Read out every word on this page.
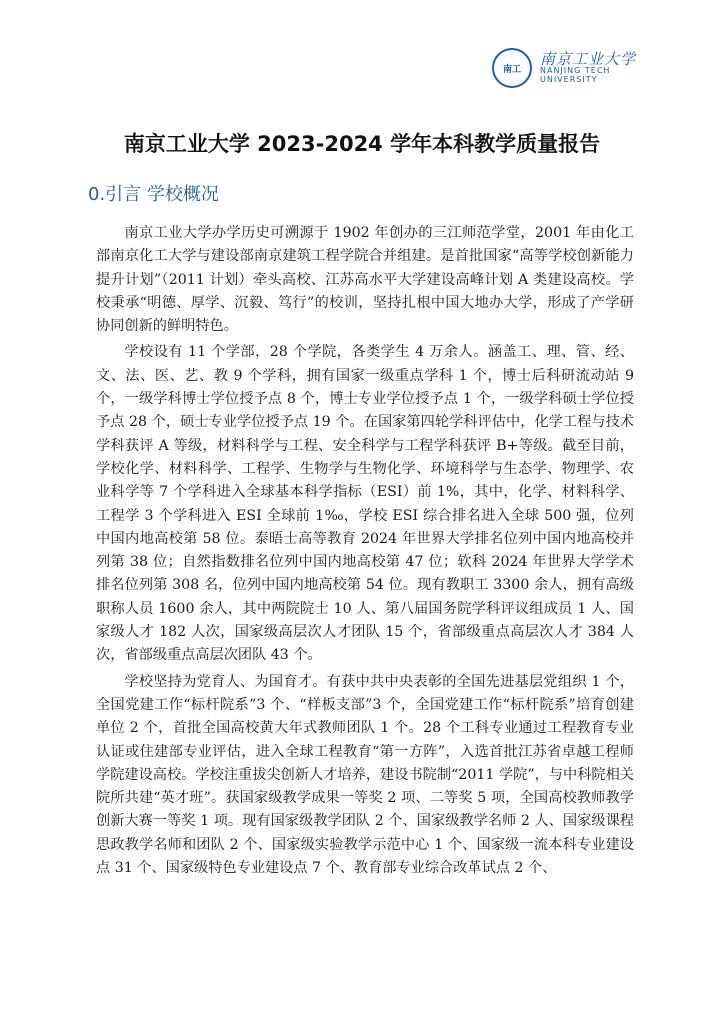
南工
南京工业大学
NANJING TECH
UNIVERSITY
南京工业大学 2023-2024 学年本科教学质量报告
0.引言 学校概况

南京工业大学办学历史可溯源于 1902 年创办的三江师范学堂，2001 年由化工部南京化工大学与建设部南京建筑工程学院合并组建。是首批国家“高等学校创新能力提升计划”（2011 计划）牵头高校、江苏高水平大学建设高峰计划 A 类建设高校。学校秉承“明德、厚学、沉毅、笃行”的校训，坚持扎根中国大地办大学，形成了产学研协同创新的鲜明特色。

学校设有 11 个学部，28 个学院，各类学生 4 万余人。涵盖工、理、管、经、文、法、医、艺、教 9 个学科，拥有国家一级重点学科 1 个，博士后科研流动站 9 个，一级学科博士学位授予点 8 个，博士专业学位授予点 1 个，一级学科硕士学位授予点 28 个，硕士专业学位授予点 19 个。在国家第四轮学科评估中，化学工程与技术学科获评 A 等级，材料科学与工程、安全科学与工程学科获评 B+等级。截至目前，学校化学、材料科学、工程学、生物学与生物化学、环境科学与生态学、物理学、农业科学等 7 个学科进入全球基本科学指标（ESI）前 1%，其中，化学、材料科学、工程学 3 个学科进入 ESI 全球前 1‰，学校 ESI 综合排名进入全球 500 强，位列中国内地高校第 58 位。泰晤士高等教育 2024 年世界大学排名位列中国内地高校并列第 38 位；自然指数排名位列中国内地高校第 47 位；软科 2024 年世界大学学术排名位列第 308 名，位列中国内地高校第 54 位。现有教职工 3300 余人，拥有高级职称人员 1600 余人，其中两院院士 10 人、第八届国务院学科评议组成员 1 人、国家级人才 182 人次，国家级高层次人才团队 15 个，省部级重点高层次人才 384 人次，省部级重点高层次团队 43 个。

学校坚持为党育人、为国育才。有获中共中央表彰的全国先进基层党组织 1 个，全国党建工作“标杆院系”3 个、“样板支部”3 个，全国党建工作“标杆院系”培育创建单位 2 个，首批全国高校黄大年式教师团队 1 个。28 个工科专业通过工程教育专业认证或住建部专业评估，进入全球工程教育“第一方阵”，入选首批江苏省卓越工程师学院建设高校。学校注重拔尖创新人才培养，建设书院制“2011 学院”，与中科院相关院所共建“英才班”。获国家级教学成果一等奖 2 项、二等奖 5 项，全国高校教师教学创新大赛一等奖 1 项。现有国家级教学团队 2 个、国家级教学名师 2 人、国家级课程思政教学名师和团队 2 个、国家级实验教学示范中心 1 个、国家级一流本科专业建设点 31 个、国家级特色专业建设点 7 个、教育部专业综合改革试点 2 个、
